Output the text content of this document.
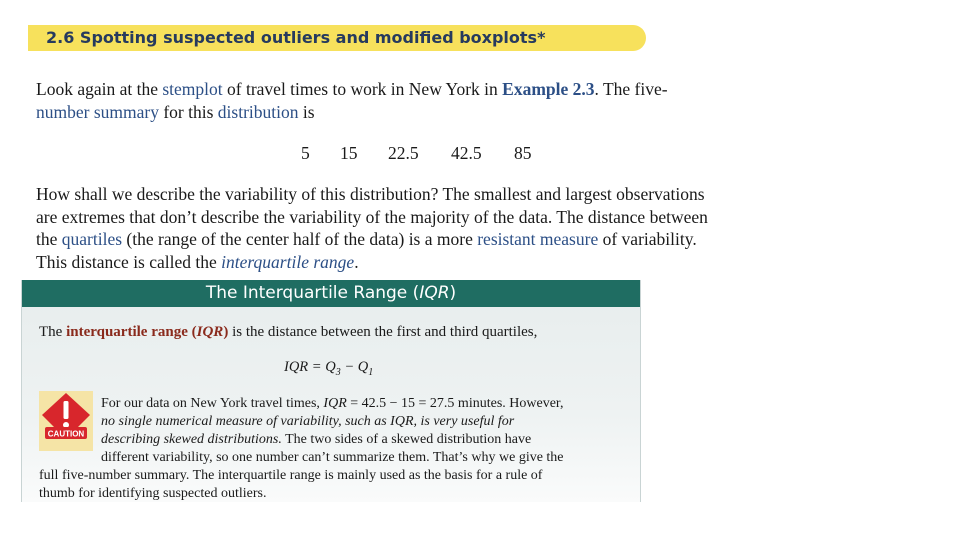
2.6 Spotting suspected outliers and modified boxplots*
Look again at the stemplot of travel times to work in New York in Example 2.3. The five-
number summary for this distribution is
5 15 22.5 42.5 85
How shall we describe the variability of this distribution? The smallest and largest observations
are extremes that don’t describe the variability of the majority of the data. The distance between
the quartiles (the range of the center half of the data) is a more resistant measure of variability.
This distance is called the interquartile range.
The Interquartile Range (IQR)
The interquartile range (IQR) is the distance between the first and third quartiles,
IQR = $Q_3 - Q_1$
CAUTION
For our data on New York travel times, IQR = 42.5 − 15 = 27.5 minutes. However,
no single numerical measure of variability, such as IQR, is very useful for
describing skewed distributions. The two sides of a skewed distribution have
different variability, so one number can’t summarize them. That’s why we give the
full five-number summary. The interquartile range is mainly used as the basis for a rule of
thumb for identifying suspected outliers.
